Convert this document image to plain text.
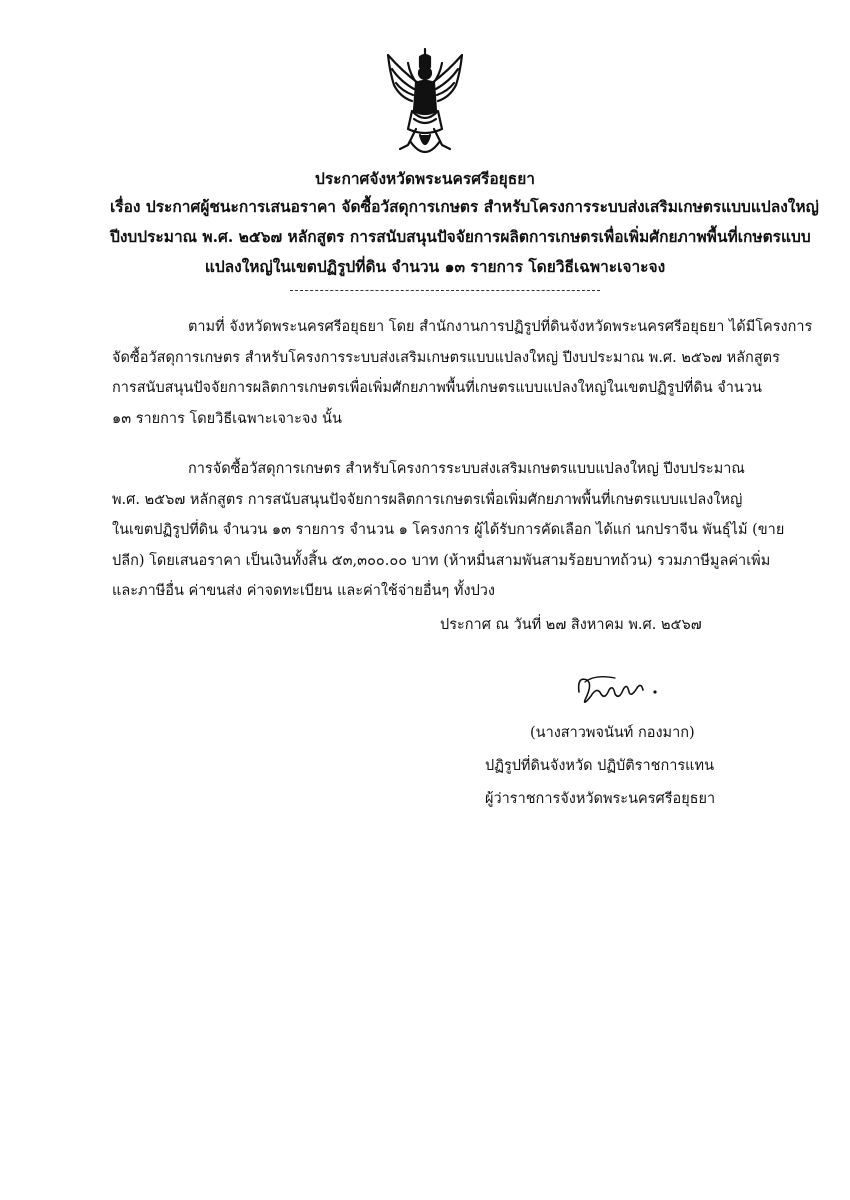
ประกาศจังหวัดพระนครศรีอยุธยา
เรื่อง ประกาศผู้ชนะการเสนอราคา จัดซื้อวัสดุการเกษตร สำหรับโครงการระบบส่งเสริมเกษตรแบบแปลงใหญ่
ปีงบประมาณ พ.ศ. ๒๕๖๗ หลักสูตร การสนับสนุนปัจจัยการผลิตการเกษตรเพื่อเพิ่มศักยภาพพื้นที่เกษตรแบบ
แปลงใหญ่ในเขตปฏิรูปที่ดิน จำนวน ๑๓ รายการ โดยวิธีเฉพาะเจาะจง
ตามที่ จังหวัดพระนครศรีอยุธยา โดย สำนักงานการปฏิรูปที่ดินจังหวัดพระนครศรีอยุธยา ได้มีโครงการ
จัดซื้อวัสดุการเกษตร สำหรับโครงการระบบส่งเสริมเกษตรแบบแปลงใหญ่ ปีงบประมาณ พ.ศ. ๒๕๖๗ หลักสูตร
การสนับสนุนปัจจัยการผลิตการเกษตรเพื่อเพิ่มศักยภาพพื้นที่เกษตรแบบแปลงใหญ่ในเขตปฏิรูปที่ดิน จำนวน
๑๓ รายการ โดยวิธีเฉพาะเจาะจง นั้น
การจัดซื้อวัสดุการเกษตร สำหรับโครงการระบบส่งเสริมเกษตรแบบแปลงใหญ่ ปีงบประมาณ
พ.ศ. ๒๕๖๗ หลักสูตร การสนับสนุนปัจจัยการผลิตการเกษตรเพื่อเพิ่มศักยภาพพื้นที่เกษตรแบบแปลงใหญ่
ในเขตปฏิรูปที่ดิน จำนวน ๑๓ รายการ จำนวน ๑ โครงการ ผู้ได้รับการคัดเลือก ได้แก่ นกปราจีน พันธุ์ไม้ (ขาย
ปลีก) โดยเสนอราคา เป็นเงินทั้งสิ้น ๕๓,๓๐๐.๐๐ บาท (ห้าหมื่นสามพันสามร้อยบาทถ้วน) รวมภาษีมูลค่าเพิ่ม
และภาษีอื่น ค่าขนส่ง ค่าจดทะเบียน และค่าใช้จ่ายอื่นๆ ทั้งปวง
ประกาศ ณ วันที่ ๒๗ สิงหาคม พ.ศ. ๒๕๖๗
(นางสาวพจนันท์ กองมาก)
ปฏิรูปที่ดินจังหวัด ปฏิบัติราชการแทน
ผู้ว่าราชการจังหวัดพระนครศรีอยุธยา
